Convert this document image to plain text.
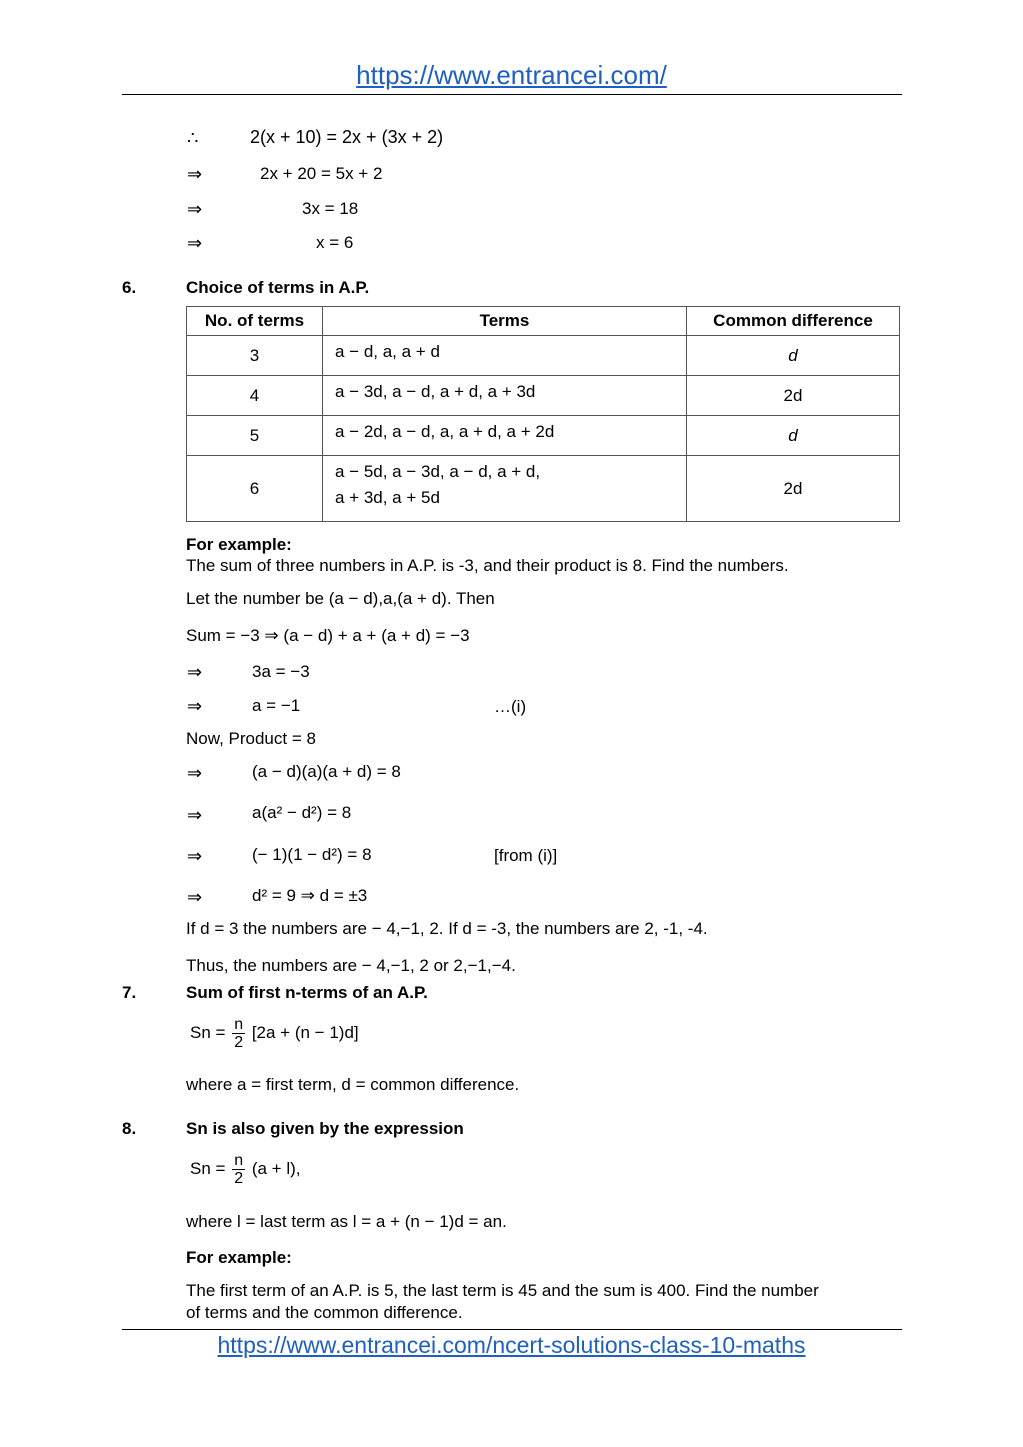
https://www.entrancei.com/
∴	2(x + 10) = 2x + (3x + 2)
⇒	2x + 20 = 5x + 2
⇒	3x = 18
⇒	x = 6
6.	Choice of terms in A.P.
No. of terms	Terms	Common difference
3	a − d, a, a + d	d
4	a − 3d, a − d, a + d, a + 3d	2d
5	a − 2d, a − d, a, a + d, a + 2d	d
6	a − 5d, a − 3d, a − d, a + d,
a + 3d, a + 5d	2d
For example:
The sum of three numbers in A.P. is -3, and their product is 8. Find the numbers.
Let the number be (a − d),a,(a + d). Then
Sum = −3 ⇒ (a − d) + a + (a + d) = −3
⇒	3a = −3
⇒	a = −1	…(i)
Now, Product = 8
⇒	(a − d)(a)(a + d) = 8
⇒	a(a² − d²) = 8
⇒	(− 1)(1 − d²) = 8	[from (i)]
⇒	d² = 9 ⇒ d = ±3
If d = 3 the numbers are − 4,−1, 2. If d = -3, the numbers are 2, -1, -4.
Thus, the numbers are − 4,−1, 2 or 2,−1,−4.
7.	Sum of first n-terms of an A.P.
$Sn = \frac{n}{2} [2a + (n - 1)d]$
where a = first term, d = common difference.
8.	Sn is also given by the expression
$Sn = \frac{n}{2} (a + l)$,
where l = last term as l = a + (n − 1)d = an.
For example:
The first term of an A.P. is 5, the last term is 45 and the sum is 400. Find the number
of terms and the common difference.
https://www.entrancei.com/ncert-solutions-class-10-maths
